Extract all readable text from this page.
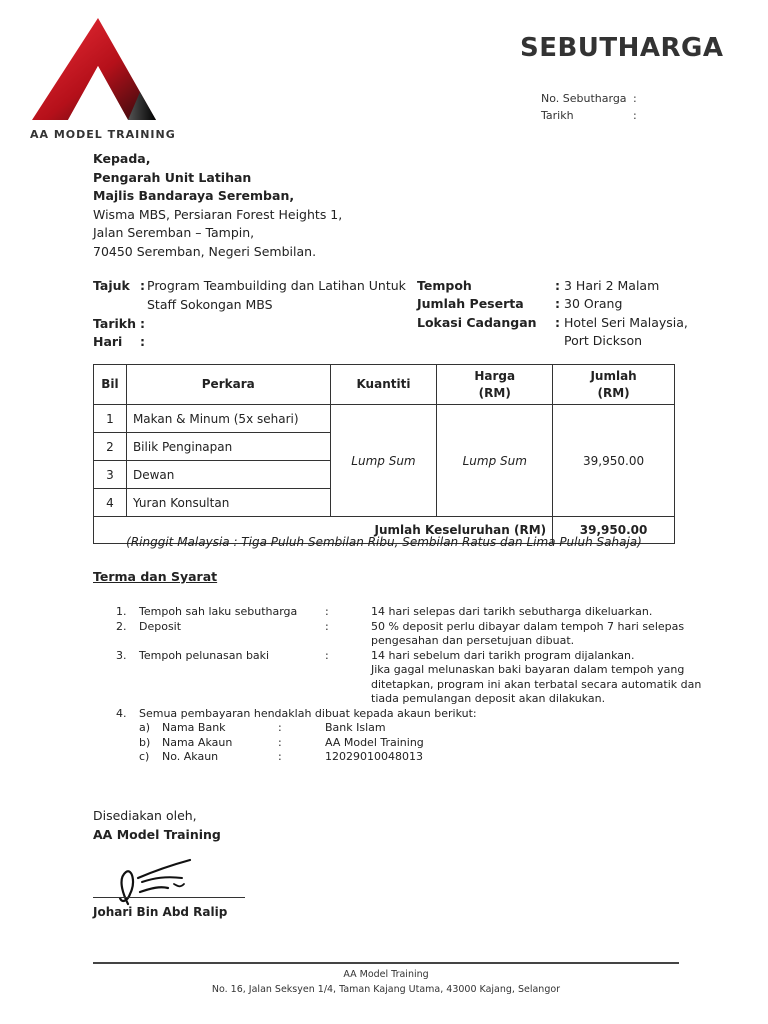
AA MODEL TRAINING
SEBUTHARGA
No. Sebutharga :
Tarikh	:
Kepada,
Pengarah Unit Latihan
Majlis Bandaraya Seremban,
Wisma MBS, Persiaran Forest Heights 1,
Jalan Seremban – Tampin,
70450 Seremban, Negeri Sembilan.
Tajuk : Program Teambuilding dan Latihan Untuk
Staff Sokongan MBS
Tarikh :
Hari :
Tempoh	: 3 Hari 2 Malam
Jumlah Peserta	: 30 Orang
Lokasi Cadangan : Hotel Seri Malaysia,
Port Dickson
Bil	Perkara	Kuantiti	Harga
(RM)	Jumlah
(RM)
1	Makan & Minum (5x sehari)	Lump Sum	Lump Sum	39,950.00
2	Bilik Penginapan			
3	Dewan			
4	Yuran Konsultan			
Jumlah Keseluruhan (RM)				39,950.00
(Ringgit Malaysia : Tiga Puluh Sembilan Ribu, Sembilan Ratus dan Lima Puluh Sahaja)
Terma dan Syarat
1. Tempoh sah laku sebutharga	:	14 hari selepas dari tarikh sebutharga dikeluarkan.
2. Deposit	:	50 % deposit perlu dibayar dalam tempoh 7 hari selepas
pengesahan dan persetujuan dibuat.
3. Tempoh pelunasan baki	:	14 hari sebelum dari tarikh program dijalankan.
Jika gagal melunaskan baki bayaran dalam tempoh yang
ditetapkan, program ini akan terbatal secara automatik dan
tiada pemulangan deposit akan dilakukan.
4. Semua pembayaran hendaklah dibuat kepada akaun berikut:
a) Nama Bank	:	Bank Islam
b) Nama Akaun	:	AA Model Training
c) No. Akaun	:	12029010048013
Disediakan oleh,
AA Model Training
Johari Bin Abd Ralip
AA Model Training
No. 16, Jalan Seksyen 1/4, Taman Kajang Utama, 43000 Kajang, Selangor
